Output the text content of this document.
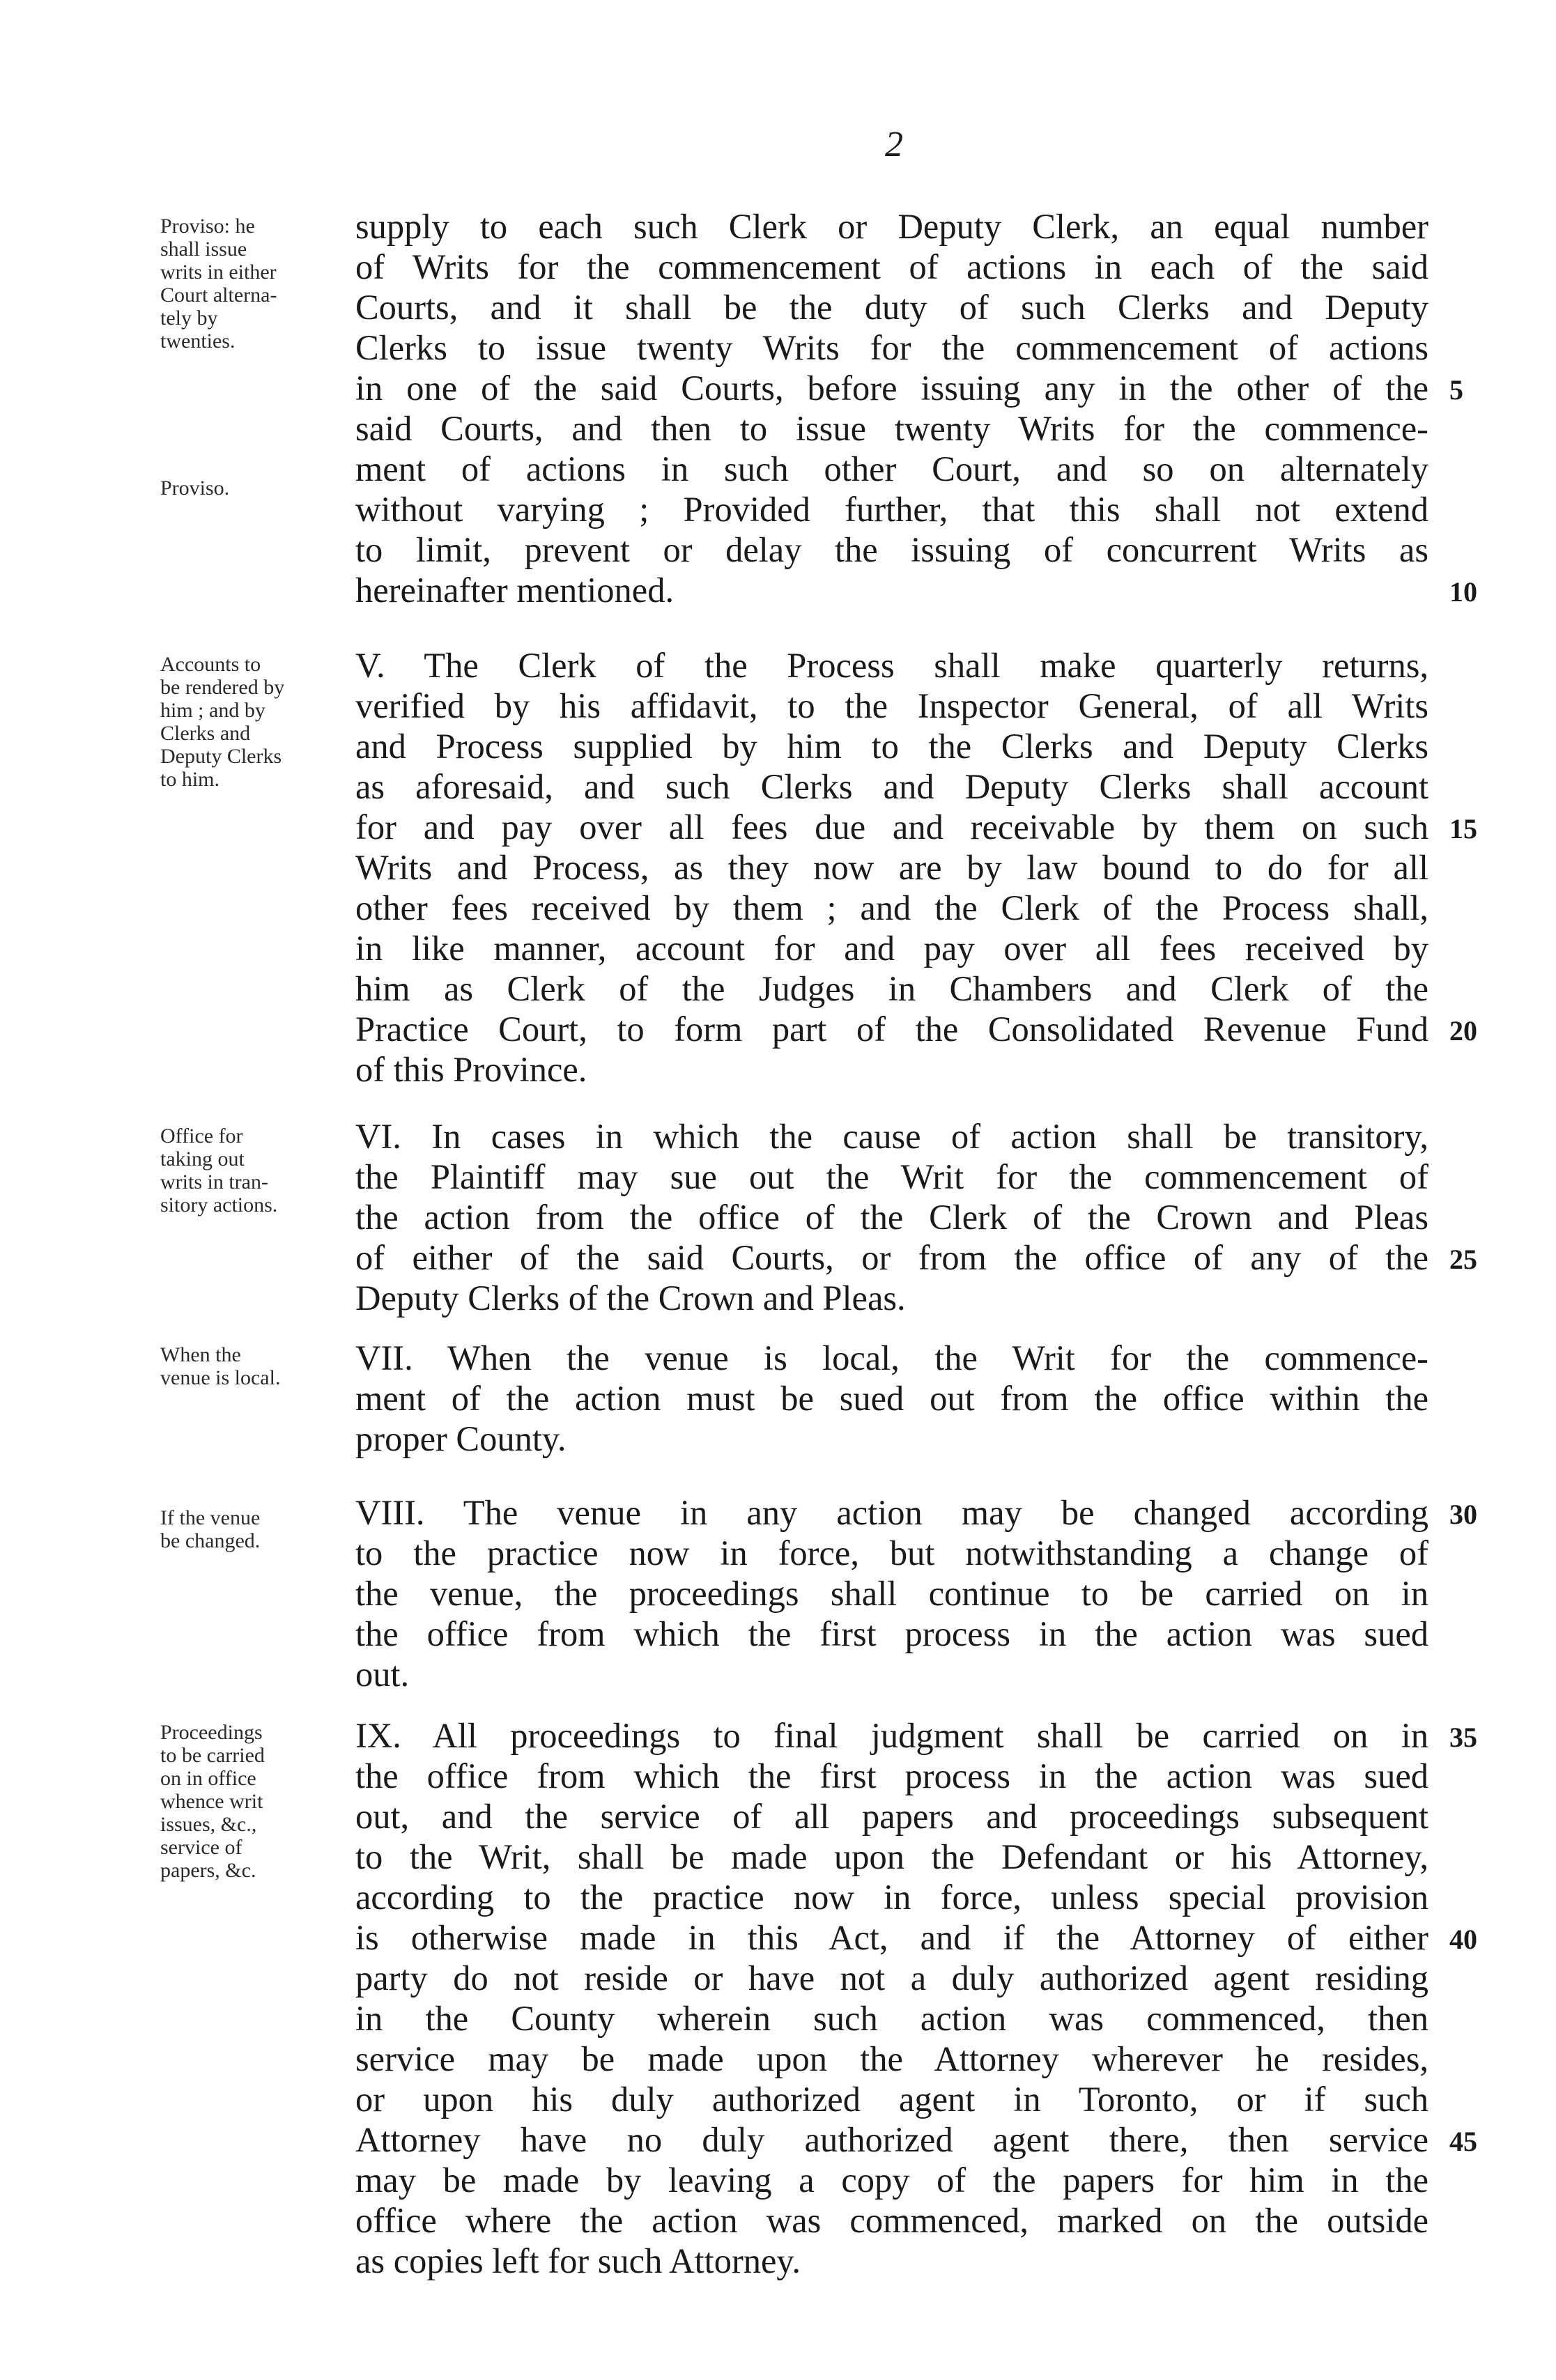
2
Proviso: he
shall issue
writs in either
Court alterna-
tely by
twenties.
Proviso.
Accounts to
be rendered by
him ; and by
Clerks and
Deputy Clerks
to him.
Office for
taking out
writs in tran-
sitory actions.
When the
venue is local.
If the venue
be changed.
Proceedings
to be carried
on in office
whence writ
issues, &c.,
service of
papers, &c.
supply to each such Clerk or Deputy Clerk, an equal number
of Writs for the commencement of actions in each of the said
Courts, and it shall be the duty of such Clerks and Deputy
Clerks to issue twenty Writs for the commencement of actions
in one of the said Courts, before issuing any in the other of the
said Courts, and then to issue twenty Writs for the commence-
ment of actions in such other Court, and so on alternately
without varying ; Provided further, that this shall not extend
to limit, prevent or delay the issuing of concurrent Writs as
hereinafter mentioned.
V. The Clerk of the Process shall make quarterly returns,
verified by his affidavit, to the Inspector General, of all Writs
and Process supplied by him to the Clerks and Deputy Clerks
as aforesaid, and such Clerks and Deputy Clerks shall account
for and pay over all fees due and receivable by them on such
Writs and Process, as they now are by law bound to do for all
other fees received by them ; and the Clerk of the Process shall,
in like manner, account for and pay over all fees received by
him as Clerk of the Judges in Chambers and Clerk of the
Practice Court, to form part of the Consolidated Revenue Fund
of this Province.
VI. In cases in which the cause of action shall be transitory,
the Plaintiff may sue out the Writ for the commencement of
the action from the office of the Clerk of the Crown and Pleas
of either of the said Courts, or from the office of any of the
Deputy Clerks of the Crown and Pleas.
VII. When the venue is local, the Writ for the commence-
ment of the action must be sued out from the office within the
proper County.
VIII. The venue in any action may be changed according
to the practice now in force, but notwithstanding a change of
the venue, the proceedings shall continue to be carried on in
the office from which the first process in the action was sued
out.
IX. All proceedings to final judgment shall be carried on in
the office from which the first process in the action was sued
out, and the service of all papers and proceedings subsequent
to the Writ, shall be made upon the Defendant or his Attorney,
according to the practice now in force, unless special provision
is otherwise made in this Act, and if the Attorney of either
party do not reside or have not a duly authorized agent residing
in the County wherein such action was commenced, then
service may be made upon the Attorney wherever he resides,
or upon his duly authorized agent in Toronto, or if such
Attorney have no duly authorized agent there, then service
may be made by leaving a copy of the papers for him in the
office where the action was commenced, marked on the outside
as copies left for such Attorney.
5
10
15
20
25
30
35
40
45
